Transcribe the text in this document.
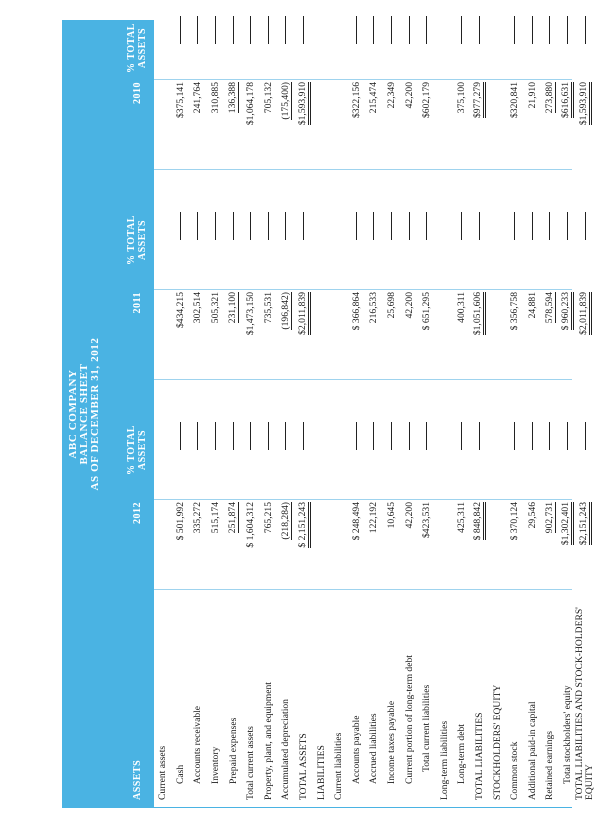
ABC COMPANY BALANCE SHEET AS OF DECEMBER 31, 2012
ASSETS
2012
% TOTAL ASSETS
2011
% TOTAL ASSETS
2010
% TOTAL ASSETS
Current assets Cash
$ 501,992
$434,215
$375,141
Accounts receivable
335,272
302,514
241,764
Inventory
515,174
505,321
310,885
Prepaid expenses
251,874
231,100
136,388
Total current assets
$ 1,604,312
$1,473,150
$1,064,178
Property, plant, and equipment
765,215
735,531
705,132
Accumulated depreciation
(218,284)
(196,842)
(175,400)
TOTAL ASSETS
$ 2,151,243
$2,011,839
$1,593,910
LIABILITIES Current liabilities Accounts payable
$ 248,494
$ 366,864
$322,156
Accrued liabilities
122,192
216,533
215,474
Income taxes payable
10,645
25,698
22,349
Current portion of long-term debt
42,200
42,200
42,200
Total current liabilities
$423,531
$ 651,295
$602,179
Long-term liabilities Long-term debt
425,311
400,311
375,100
TOTAL LIABILITIES
$ 848,842
$1,051,606
$977,279
STOCKHOLDERS' EQUITY Common stock
$ 370,124
$ 356,758
$320,841
Additional paid-in capital
29,546
24,881
21,910
Retained earnings
902,731
578,594
273,880
Total stockholders' equity
$1,302,401
$ 960,233
$616,631
TOTAL LIABILITIES AND STOCK-HOLDERS' EQUITY
$2,151,243
$2,011,839
$1,593,910
